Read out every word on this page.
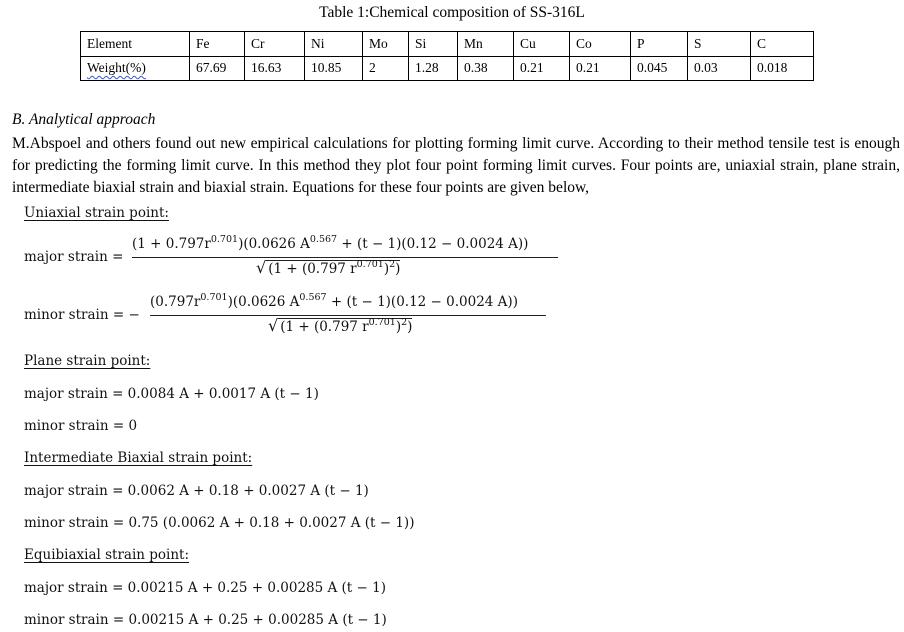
Table 1:Chemical composition of SS-316L
Element	Fe	Cr	Ni	Mo	Si	Mn	Cu	Co	P	S	C
Weight(%)	67.69	16.63	10.85	2	1.28	0.38	0.21	0.21	0.045	0.03	0.018
B. Analytical approach

M.Abspoel and others found out new empirical calculations for plotting forming limit curve. According to their method tensile test is enough for predicting the forming limit curve. In this method they plot four point forming limit curves. Four points are, uniaxial strain, plane strain, intermediate biaxial strain and biaxial strain. Equations for these four points are given below,

Uniaxial strain point:
major strain =
$(1 + 0.797r^{0.701})(0.0626$ $A^{0.567} + (t - 1)(0.12 - 0.0024$ A))
√ (1 + (0.797 $r^{0.701})^2$)
minor strain = −
$(0.797r^{0.701})(0.0626$ $A^{0.567} + (t - 1)(0.12 - 0.0024$ A))
√ (1 + (0.797 $r^{0.701})^2$)
Plane strain point:
major strain = 0.0084 A + 0.0017 A (t − 1)
minor strain = 0
Intermediate Biaxial strain point:
major strain = 0.0062 A + 0.18 + 0.0027 A (t − 1)
minor strain = 0.75 (0.0062 A + 0.18 + 0.0027 A (t − 1))
Equibiaxial strain point:
major strain = 0.00215 A + 0.25 + 0.00285 A (t − 1)
minor strain = 0.00215 A + 0.25 + 0.00285 A (t − 1)
